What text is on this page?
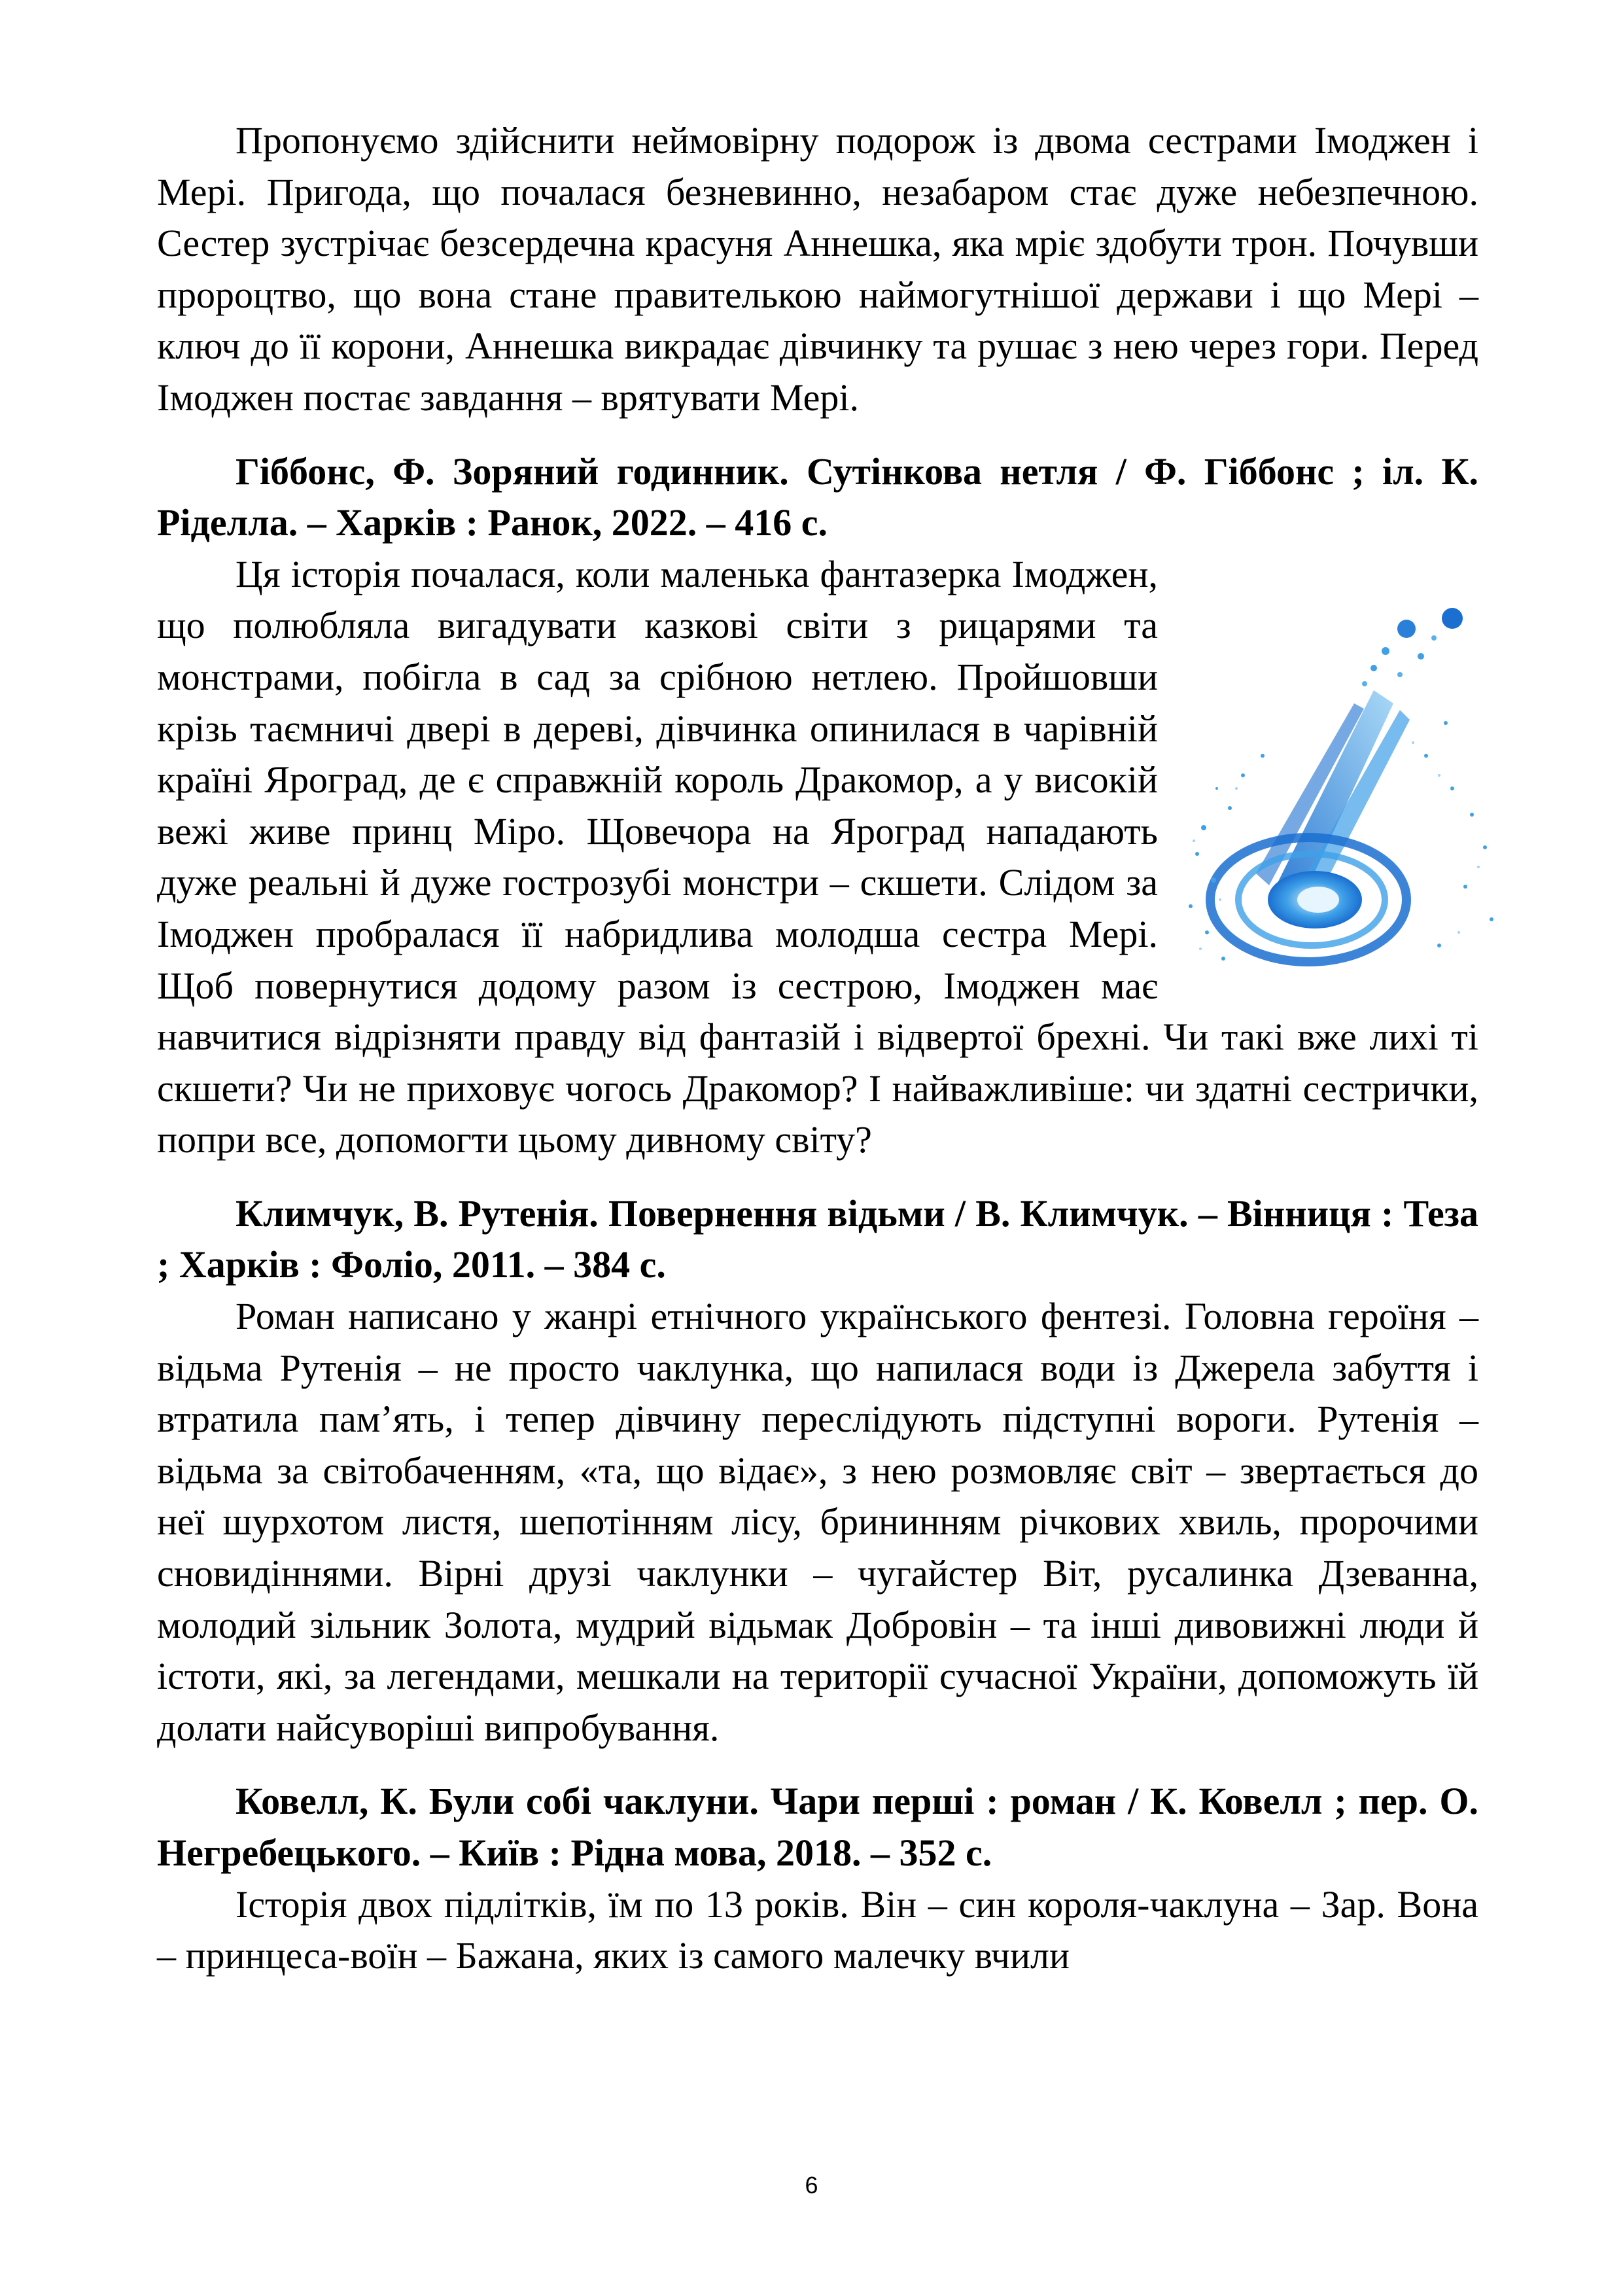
Пропонуємо здійснити неймовірну подорож із двома сестрами Імоджен і Мері. Пригода, що почалася безневинно, незабаром стає дуже небезпечною. Сестер зустрічає безсердечна красуня Аннешка, яка мріє здобути трон. Почувши пророцтво, що вона стане правителькою наймогутнішої держави і що Мері – ключ до її корони, Аннешка викрадає дівчинку та рушає з нею через гори. Перед Імоджен постає завдання – врятувати Мері.

Гіббонс, Ф. Зоряний годинник. Сутінкова нетля / Ф. Гіббонс ; іл. К. Ріделла. – Харків : Ранок, 2022. – 416 с.

Ця історія почалася, коли маленька фантазерка Імоджен, що полюбляла вигадувати казкові світи з рицарями та монстрами, побігла в сад за срібною нетлею. Пройшовши крізь таємничі двері в дереві, дівчинка опинилася в чарівній країні Яроград, де є справжній король Дракомор, а у високій вежі живе принц Міро. Щовечора на Яроград нападають дуже реальні й дуже гострозубі монстри – скшети. Слідом за Імоджен пробралася її набридлива молодша сестра Мері. Щоб повернутися додому разом із сестрою, Імоджен має навчитися відрізняти правду від фантазій і відвертої брехні. Чи такі вже лихі ті скшети? Чи не приховує чогось Дракомор? І найважливіше: чи здатні сестрички, попри все, допомогти цьому дивному світу?

Климчук, В. Рутенія. Повернення відьми / В. Климчук. – Вінниця : Теза ; Харків : Фоліо, 2011. – 384 с.

Роман написано у жанрі етнічного українського фентезі. Головна героїня – відьма Рутенія – не просто чаклунка, що напилася води із Джерела забуття і втратила пам’ять, і тепер дівчину переслідують підступні вороги. Рутенія – відьма за світобаченням, «та, що відає», з нею розмовляє світ – звертається до неї шурхотом листя, шепотінням лісу, брининням річкових хвиль, пророчими сновидіннями. Вірні друзі чаклунки – чугайстер Віт, русалинка Дзеванна, молодий зільник Золота, мудрий відьмак Добровін – та інші дивовижні люди й істоти, які, за легендами, мешкали на території сучасної України, допоможуть їй долати найсуворіші випробування.

Ковелл, К. Були собі чаклуни. Чари перші : роман / К. Ковелл ; пер. О. Негребецького. – Київ : Рідна мова, 2018. – 352 с.

Історія двох підлітків, їм по 13 років. Він – син короля-чаклуна – Зар. Вона – принцеса-воїн – Бажана, яких із самого малечку вчили

6
